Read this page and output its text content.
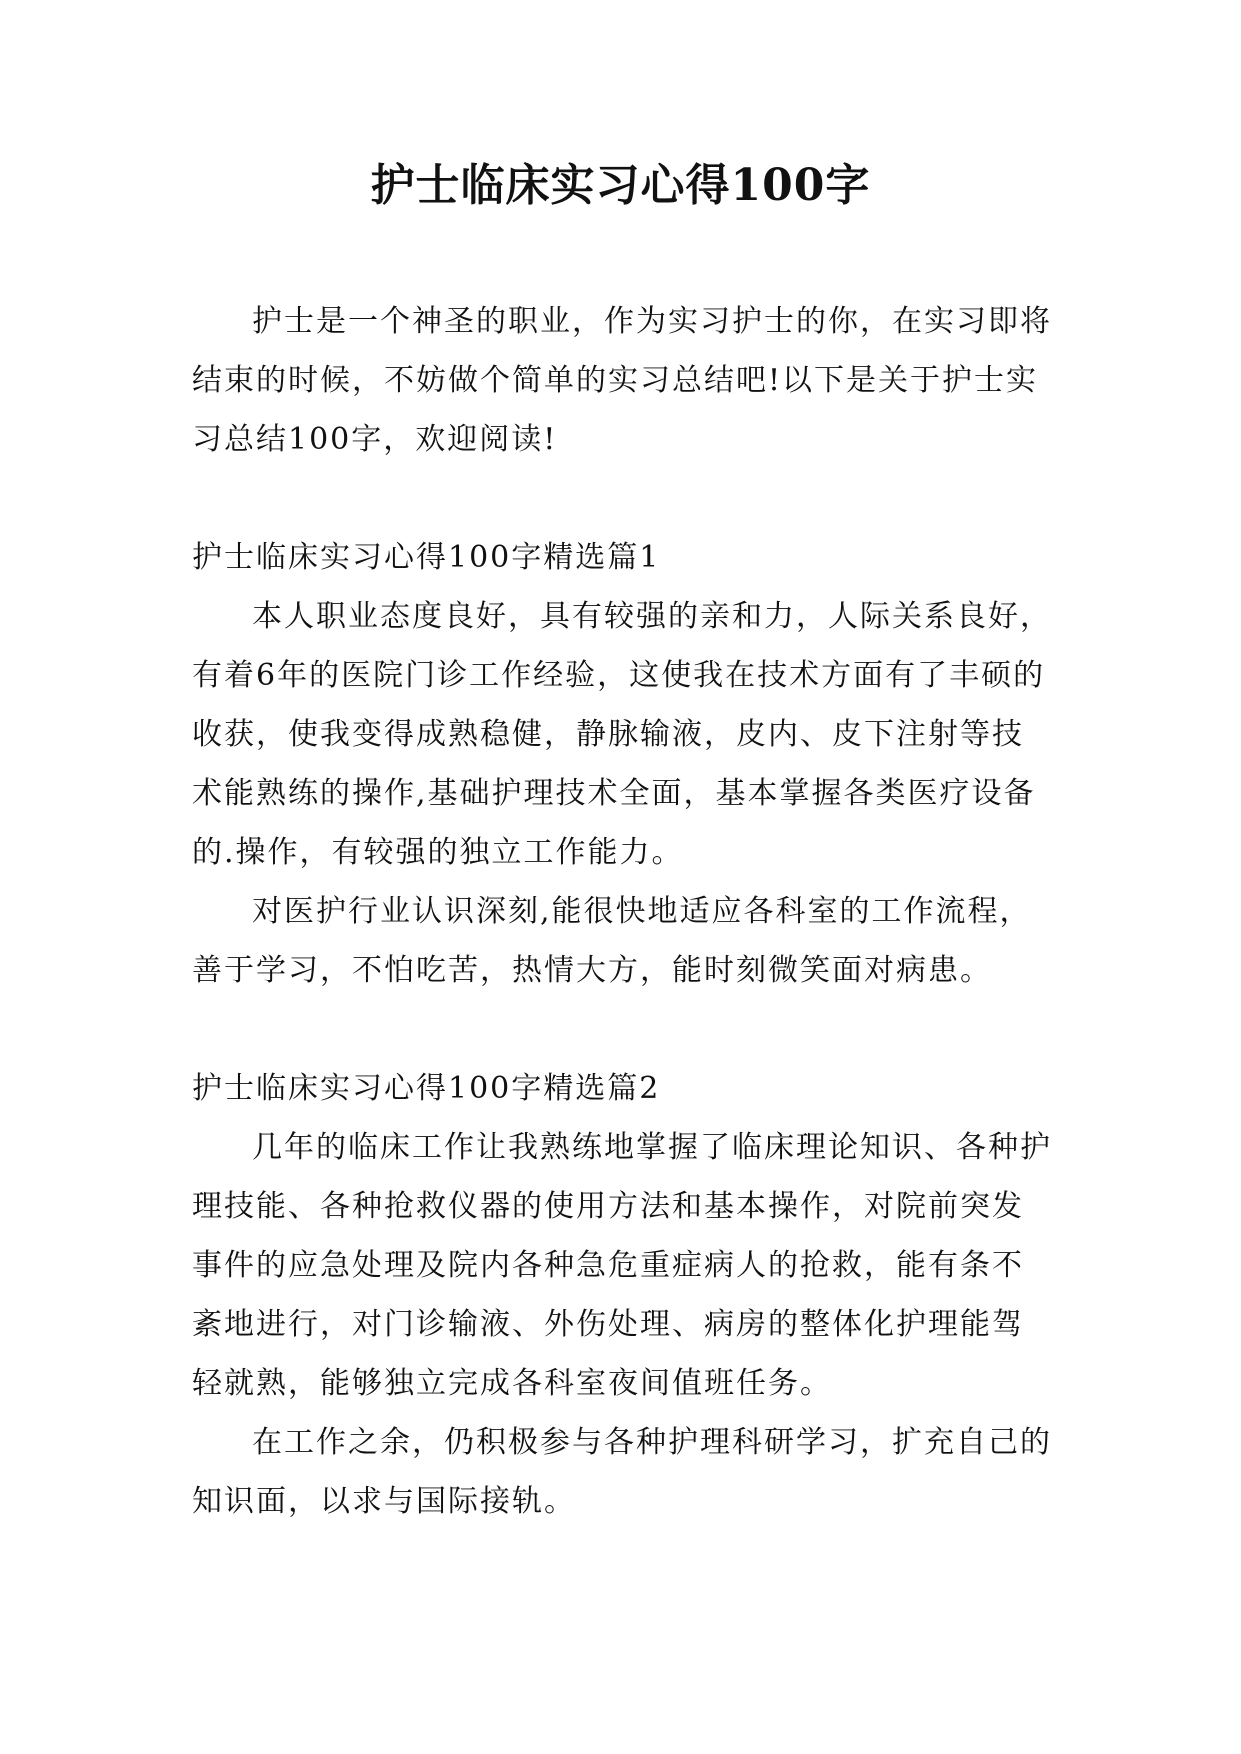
护士临床实习心得100字

护士是一个神圣的职业，作为实习护士的你，在实习即将结束的时候，不妨做个简单的实习总结吧!以下是关于护士实习总结100字，欢迎阅读!

护士临床实习心得100字精选篇1

本人职业态度良好，具有较强的亲和力，人际关系良好，有着6年的医院门诊工作经验，这使我在技术方面有了丰硕的收获，使我变得成熟稳健，静脉输液，皮内、皮下注射等技术能熟练的操作,基础护理技术全面，基本掌握各类医疗设备的.操作，有较强的独立工作能力。

对医护行业认识深刻,能很快地适应各科室的工作流程，善于学习，不怕吃苦，热情大方，能时刻微笑面对病患。

护士临床实习心得100字精选篇2

几年的临床工作让我熟练地掌握了临床理论知识、各种护理技能、各种抢救仪器的使用方法和基本操作，对院前突发事件的应急处理及院内各种急危重症病人的抢救，能有条不紊地进行，对门诊输液、外伤处理、病房的整体化护理能驾轻就熟，能够独立完成各科室夜间值班任务。

在工作之余，仍积极参与各种护理科研学习，扩充自己的知识面，以求与国际接轨。
